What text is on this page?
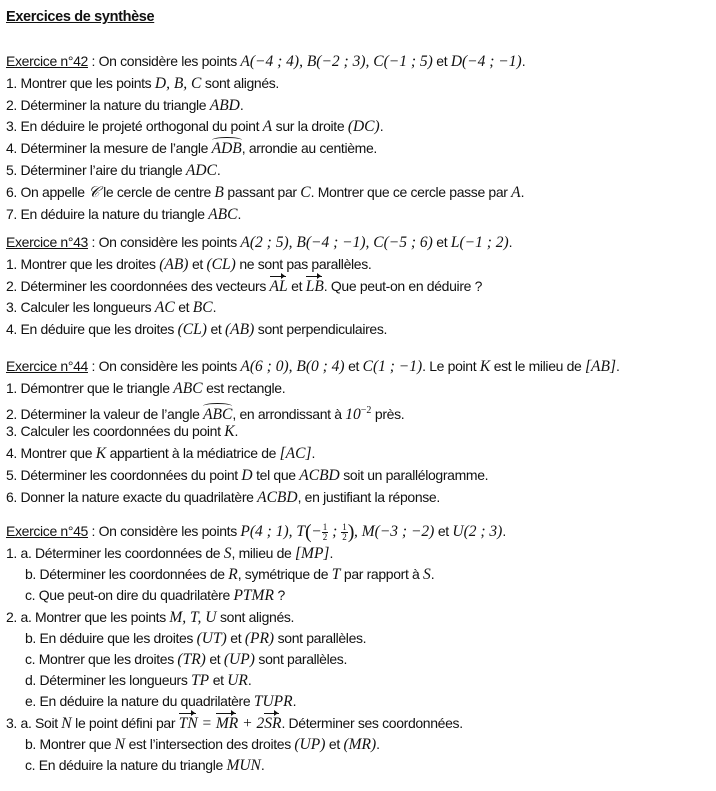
Exercices de synthèse
Exercice n°42 : On considère les points A(−4 ; 4), B(−2 ; 3), C(−1 ; 5) et D(−4 ; −1).
1. Montrer que les points D, B, C sont alignés.
2. Déterminer la nature du triangle ABD.
3. En déduire le projeté orthogonal du point A sur la droite (DC).
4. Déterminer la mesure de l’angle ADB, arrondie au centième.
5. Déterminer l’aire du triangle ADC.
6. On appelle 𝒞 le cercle de centre B passant par C. Montrer que ce cercle passe par A.
7. En déduire la nature du triangle ABC.
Exercice n°43 : On considère les points A(2 ; 5), B(−4 ; −1), C(−5 ; 6) et L(−1 ; 2).
1. Montrer que les droites (AB) et (CL) ne sont pas parallèles.
2. Déterminer les coordonnées des vecteurs AL et LB. Que peut-on en déduire ?
3. Calculer les longueurs AC et BC.
4. En déduire que les droites (CL) et (AB) sont perpendiculaires.
Exercice n°44 : On considère les points A(6 ; 0), B(0 ; 4) et C(1 ; −1). Le point K est le milieu de [AB].
1. Démontrer que le triangle ABC est rectangle.
2. Déterminer la valeur de l’angle ABC, en arrondissant à $10^{-2}$ près.
3. Calculer les coordonnées du point K.
4. Montrer que K appartient à la médiatrice de [AC].
5. Déterminer les coordonnées du point D tel que ACBD soit un parallélogramme.
6. Donner la nature exacte du quadrilatère ACBD, en justifiant la réponse.
Exercice n°45 : On considère les points P(4 ; 1), $T(- \frac{1}{2}$ ; $\frac{1}{2}$ ), M(−3 ; −2) et U(2 ; 3).
1. a. Déterminer les coordonnées de S, milieu de [MP].
b. Déterminer les coordonnées de R, symétrique de T par rapport à S.
c. Que peut-on dire du quadrilatère PTMR ?
2. a. Montrer que les points M, T, U sont alignés.
b. En déduire que les droites (UT) et (PR) sont parallèles.
c. Montrer que les droites (TR) et (UP) sont parallèles.
d. Déterminer les longueurs TP et UR.
e. En déduire la nature du quadrilatère TUPR.
3. a. Soit N le point défini par TN = MR + 2SR. Déterminer ses coordonnées.
b. Montrer que N est l’intersection des droites (UP) et (MR).
c. En déduire la nature du triangle MUN.
